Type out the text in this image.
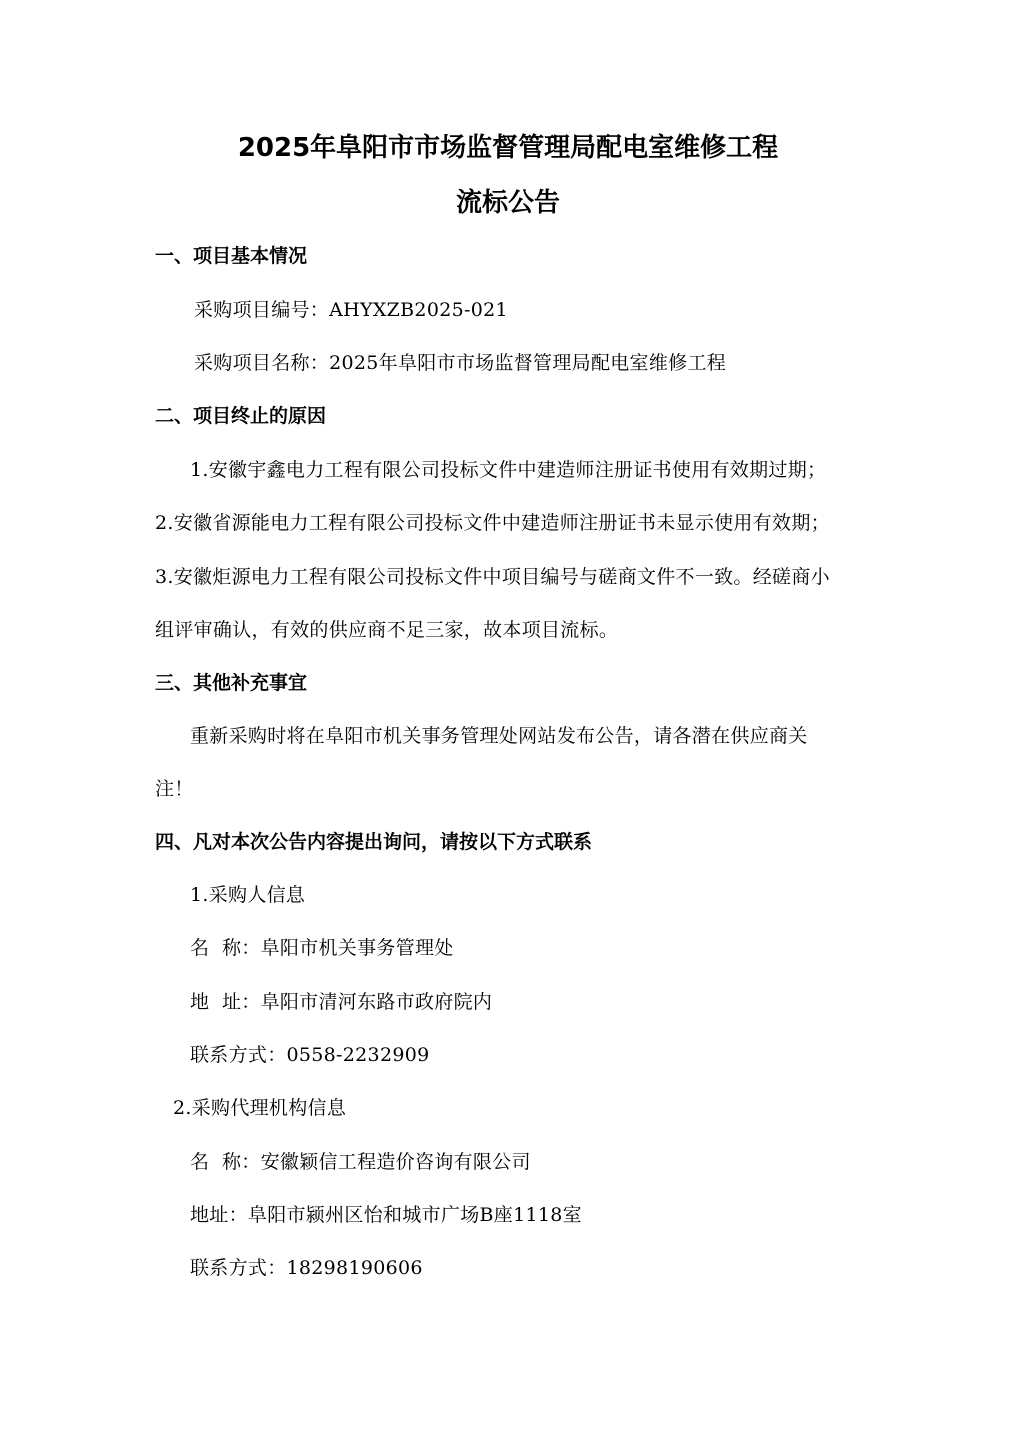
2025年阜阳市市场监督管理局配电室维修工程
流标公告
一、项目基本情况
采购项目编号：AHYXZB2025-021
采购项目名称：2025年阜阳市市场监督管理局配电室维修工程
二、项目终止的原因
1.安徽宇鑫电力工程有限公司投标文件中建造师注册证书使用有效期过期；
2.安徽省源能电力工程有限公司投标文件中建造师注册证书未显示使用有效期；
3.安徽炬源电力工程有限公司投标文件中项目编号与磋商文件不一致。经磋商小
组评审确认，有效的供应商不足三家，故本项目流标。
三、其他补充事宜
重新采购时将在阜阳市机关事务管理处网站发布公告，请各潜在供应商关
注！
四、凡对本次公告内容提出询问，请按以下方式联系
1.采购人信息
名  称：阜阳市机关事务管理处
地  址：阜阳市清河东路市政府院内
联系方式：0558-2232909
2.采购代理机构信息
名  称：安徽颖信工程造价咨询有限公司
地址：阜阳市颍州区怡和城市广场B座1118室
联系方式：18298190606
